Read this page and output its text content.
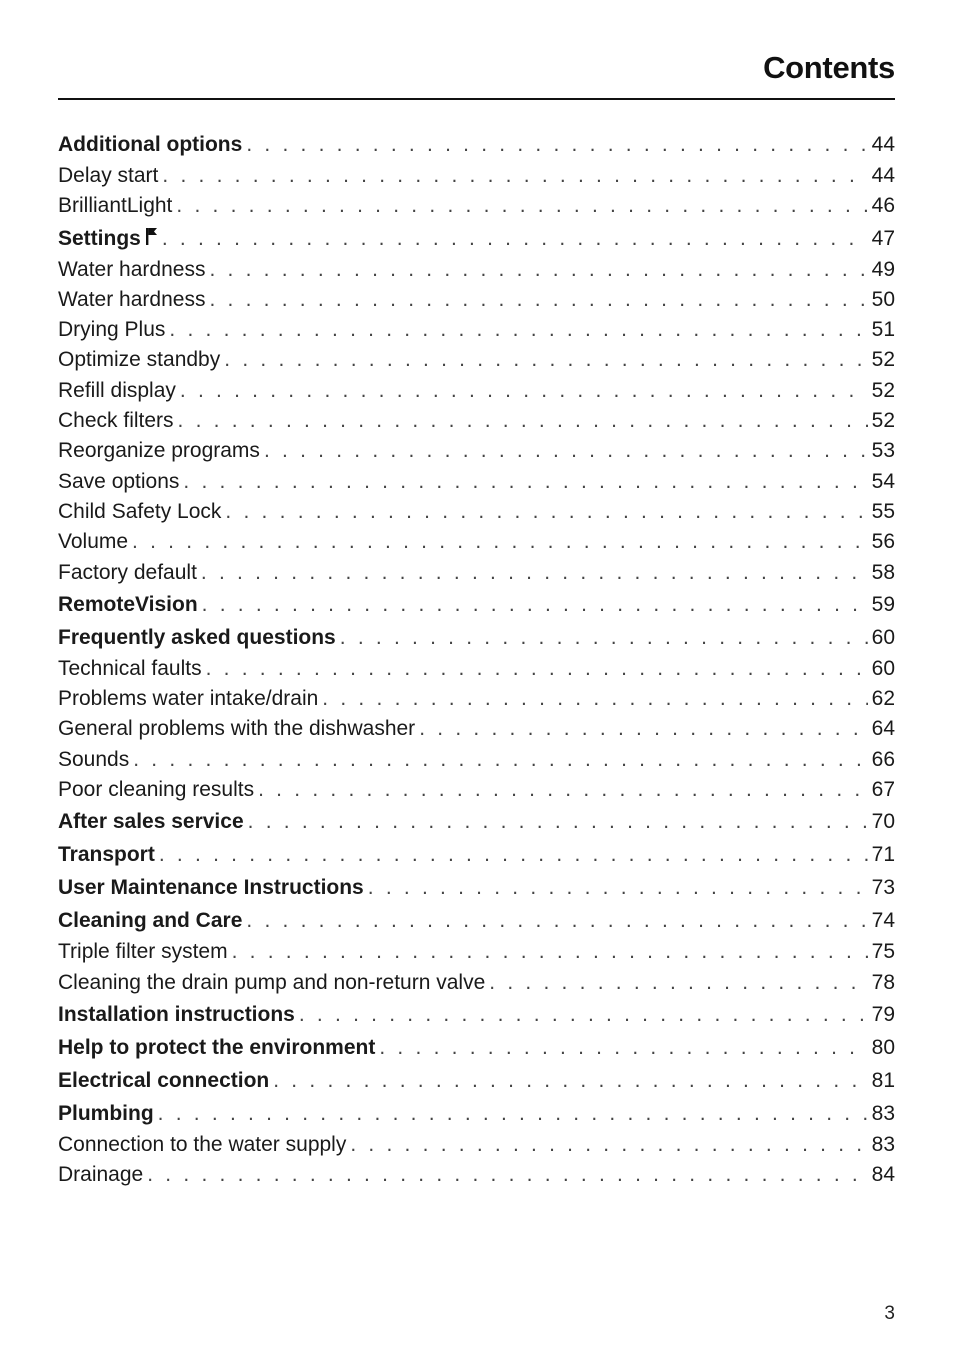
Contents
Additional options . . .	44
Delay start . . .	44
BrilliantLight . . .	46
Settings . . .	47
Water hardness . . .	49
Water hardness . . .	50
Drying Plus . . .	51
Optimize standby . . .	52
Refill display . . .	52
Check filters . . .	52
Reorganize programs . . .	53
Save options . . .	54
Child Safety Lock . . .	55
Volume . . .	56
Factory default . . .	58
RemoteVision . . .	59
Frequently asked questions . . .	60
Technical faults . . .	60
Problems water intake/drain . . .	62
General problems with the dishwasher . . .	64
Sounds . . .	66
Poor cleaning results . . .	67
After sales service . . .	70
Transport . . .	71
User Maintenance Instructions . . .	73
Cleaning and Care . . .	74
Triple filter system . . .	75
Cleaning the drain pump and non-return valve . . .	78
Installation instructions . . .	79
Help to protect the environment . . .	80
Electrical connection . . .	81
Plumbing . . .	83
Connection to the water supply . . .	83
Drainage . . .	84
3
